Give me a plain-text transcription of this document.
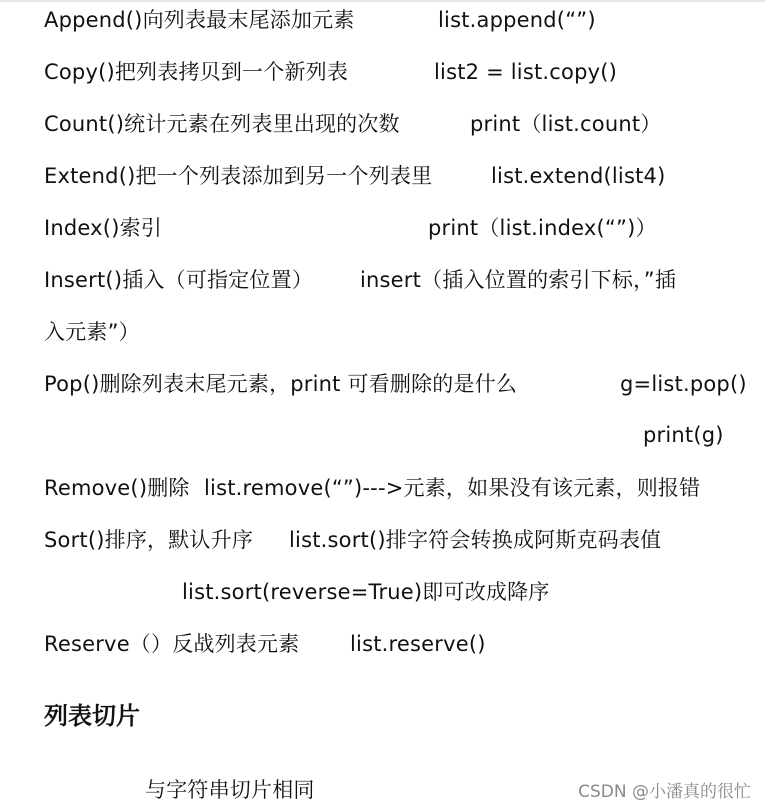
Append()向列表最末尾添加元素	list.append(“”)
Copy()把列表拷贝到一个新列表	list2 = list.copy()
Count()统计元素在列表里出现的次数	print（list.count）
Extend()把一个列表添加到另一个列表里	list.extend(list4)
Index()索引	print（list.index(“”)）
Insert()插入（可指定位置） insert（插入位置的索引下标，”插
入元素”）
Pop()删除列表末尾元素，print 可看删除的是什么	g=list.pop()
print(g)
Remove()删除 list.remove(“”)--->元素，如果没有该元素，则报错
Sort()排序，默认升序 list.sort()排字符会转换成阿斯克码表值
list.sort(reverse=True)即可改成降序
Reserve（）反战列表元素 list.reserve()
列表切片
与字符串切片相同	CSDN @小潘真的很忙
